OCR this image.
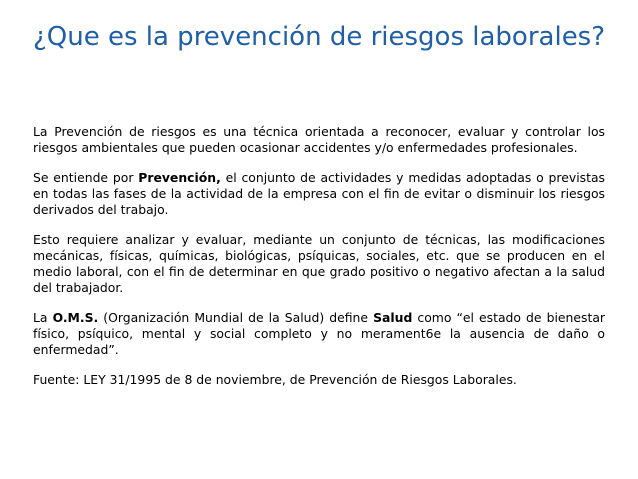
¿Que es la prevención de riesgos laborales?

La Prevención de riesgos es una técnica orientada a reconocer, evaluar y controlar los riesgos ambientales que pueden ocasionar accidentes y/o enfermedades profesionales.

Se entiende por Prevención, el conjunto de actividades y medidas adoptadas o previstas en todas las fases de la actividad de la empresa con el fin de evitar o disminuir los riesgos derivados del trabajo.

Esto requiere analizar y evaluar, mediante un conjunto de técnicas, las modificaciones mecánicas, físicas, químicas, biológicas, psíquicas, sociales, etc. que se producen en el medio laboral, con el fin de determinar en que grado positivo o negativo afectan a la salud del trabajador.

La O.M.S. (Organización Mundial de la Salud) define Salud como “el estado de bienestar físico, psíquico, mental y social completo y no merament6e la ausencia de daño o enfermedad”.

Fuente: LEY 31/1995 de 8 de noviembre, de Prevención de Riesgos Laborales.
